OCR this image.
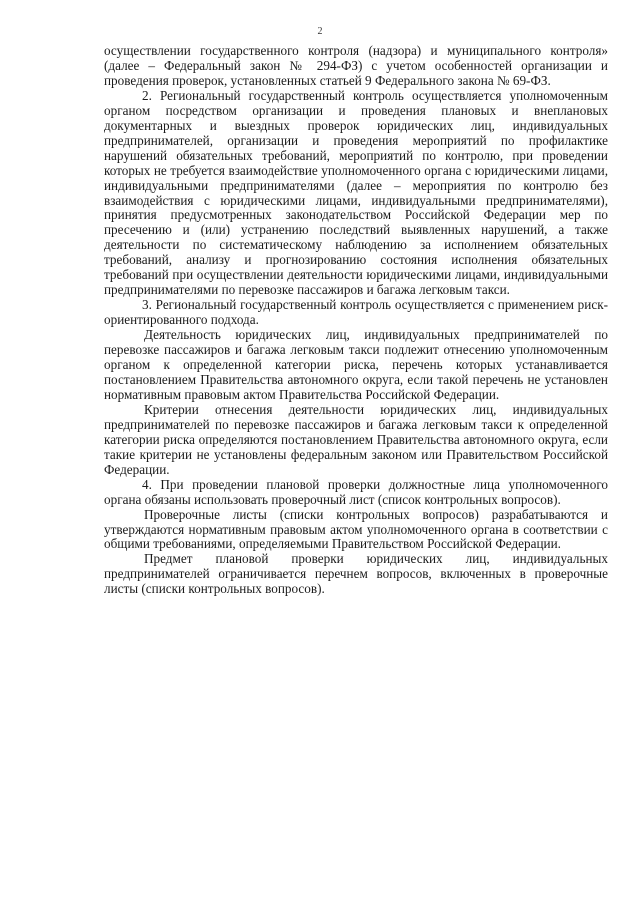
2

осуществлении государственного контроля (надзора) и муниципального контроля» (далее – Федеральный закон № 294-ФЗ) с учетом особенностей организации и проведения проверок, установленных статьей 9 Федерального закона № 69-ФЗ.

2. Региональный государственный контроль осуществляется уполномоченным органом посредством организации и проведения плановых и внеплановых документарных и выездных проверок юридических лиц, индивидуальных предпринимателей, организации и проведения мероприятий по профилактике нарушений обязательных требований, мероприятий по контролю, при проведении которых не требуется взаимодействие уполномоченного органа с юридическими лицами, индивидуальными предпринимателями (далее – мероприятия по контролю без взаимодействия с юридическими лицами, индивидуальными предпринимателями), принятия предусмотренных законодательством Российской Федерации мер по пресечению и (или) устранению последствий выявленных нарушений, а также деятельности по систематическому наблюдению за исполнением обязательных требований, анализу и прогнозированию состояния исполнения обязательных требований при осуществлении деятельности юридическими лицами, индивидуальными предпринимателями по перевозке пассажиров и багажа легковым такси.

3. Региональный государственный контроль осуществляется с применением риск-ориентированного подхода.

Деятельность юридических лиц, индивидуальных предпринимателей по перевозке пассажиров и багажа легковым такси подлежит отнесению уполномоченным органом к определенной категории риска, перечень которых устанавливается постановлением Правительства автономного округа, если такой перечень не установлен нормативным правовым актом Правительства Российской Федерации.

Критерии отнесения деятельности юридических лиц, индивидуальных предпринимателей по перевозке пассажиров и багажа легковым такси к определенной категории риска определяются постановлением Правительства автономного округа, если такие критерии не установлены федеральным законом или Правительством Российской Федерации.

4. При проведении плановой проверки должностные лица уполномоченного органа обязаны использовать проверочный лист (список контрольных вопросов).

Проверочные листы (списки контрольных вопросов) разрабатываются и утверждаются нормативным правовым актом уполномоченного органа в соответствии с общими требованиями, определяемыми Правительством Российской Федерации.

Предмет плановой проверки юридических лиц, индивидуальных предпринимателей ограничивается перечнем вопросов, включенных в проверочные листы (списки контрольных вопросов).
